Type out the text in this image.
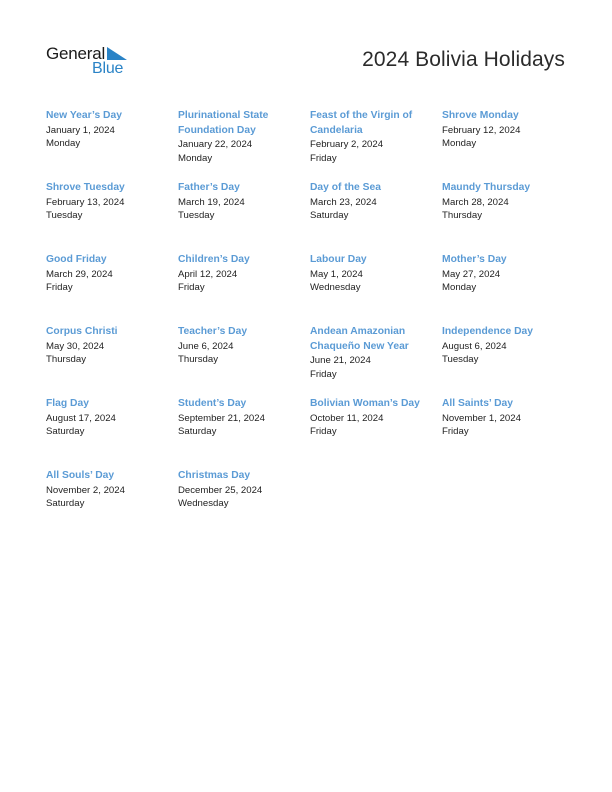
General
Blue	2024 Bolivia Holidays

New Year’s Day

January 1, 2024

Monday

Plurinational State Foundation Day

January 22, 2024

Monday

Feast of the Virgin of Candelaria

February 2, 2024

Friday

Shrove Monday

February 12, 2024

Monday

Shrove Tuesday

February 13, 2024

Tuesday

Father’s Day

March 19, 2024

Tuesday

Day of the Sea

March 23, 2024

Saturday

Maundy Thursday

March 28, 2024

Thursday

Good Friday

March 29, 2024

Friday

Children’s Day

April 12, 2024

Friday

Labour Day

May 1, 2024

Wednesday

Mother’s Day

May 27, 2024

Monday

Corpus Christi

May 30, 2024

Thursday

Teacher’s Day

June 6, 2024

Thursday

Andean Amazonian Chaqueño New Year

June 21, 2024

Friday

Independence Day

August 6, 2024

Tuesday

Flag Day

August 17, 2024

Saturday

Student’s Day

September 21, 2024

Saturday

Bolivian Woman’s Day

October 11, 2024

Friday

All Saints’ Day

November 1, 2024

Friday

All Souls’ Day

November 2, 2024

Saturday

Christmas Day

December 25, 2024

Wednesday
